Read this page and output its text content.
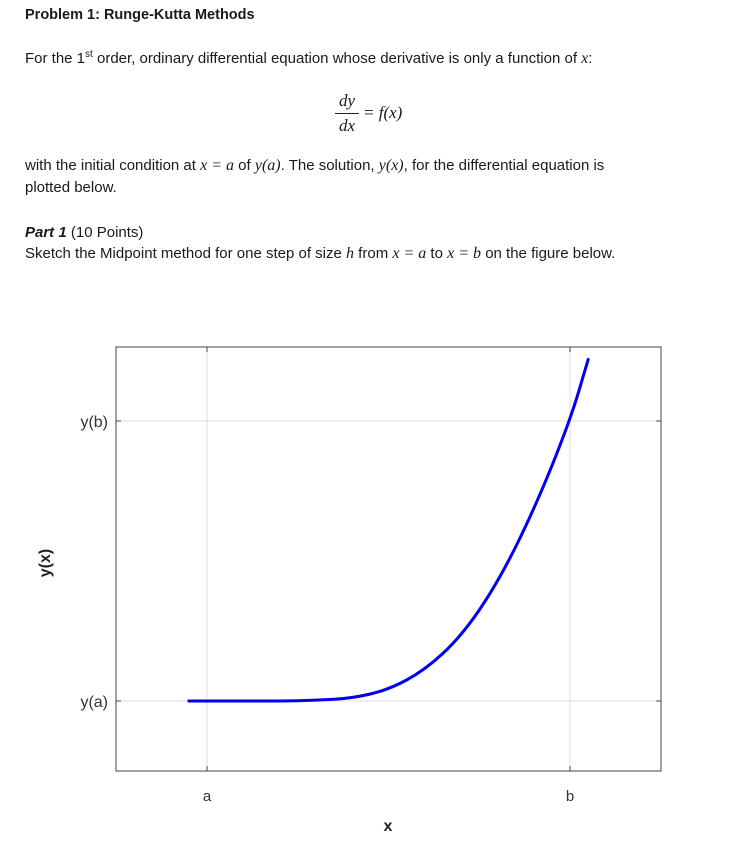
Problem 1: Runge-Kutta Methods
For the 1st order, ordinary differential equation whose derivative is only a function of x:
dy
dx
= f(x)
with the initial condition at x = a of y(a). The solution, y(x), for the differential equation is
plotted below.
Part 1 (10 Points)
Sketch the Midpoint method for one step of size h from x = a to x = b on the figure below.
a	b
y(a)
y(b)
x
y(x)
